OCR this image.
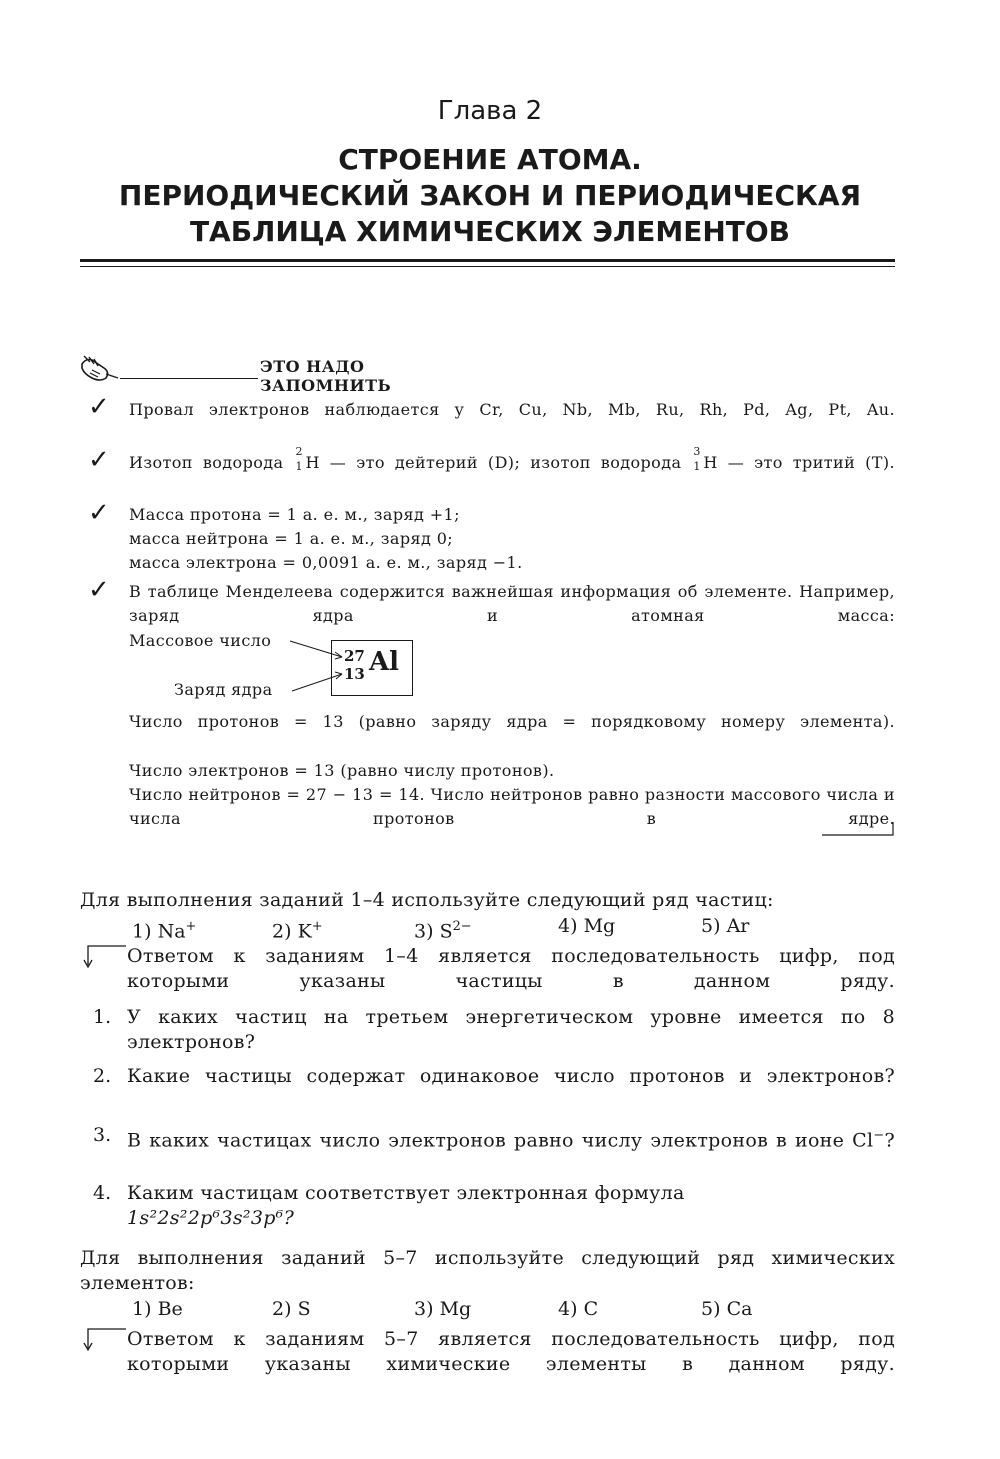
Глава 2
СТРОЕНИЕ АТОМА.
ПЕРИОДИЧЕСКИЙ ЗАКОН И ПЕРИОДИЧЕСКАЯ
ТАБЛИЦА ХИМИЧЕСКИХ ЭЛЕМЕНТОВ
ЭТО НАДО ЗАПОМНИТЬ
✓ Провал электронов наблюдается у Cr, Cu, Nb, Mb, Ru, Rh, Pd, Ag, Pt, Au.
✓ Изотоп водорода
2
1 H — это дейтерий (D); изотоп водорода
3
1 H — это тритий (T).
✓ Масса протона = 1 а. е. м., заряд +1;
масса нейтрона = 1 а. е. м., заряд 0;
масса электрона = 0,0091 а. е. м., заряд −1.
✓ В таблице Менделеева содержится важнейшая информация об элементе. Например, заряд ядра и атомная масса:
Массовое число
Заряд ядра
27
13 Al
Число протонов = 13 (равно заряду ядра = порядковому номеру элемента).
Число электронов = 13 (равно числу протонов).
Число нейтронов = 27 − 13 = 14. Число нейтронов равно разности массового числа и числа протонов в ядре.
Для выполнения заданий 1–4 используйте следующий ряд частиц:
1) Na+	2) K+	3) $S^{2-}$	4) Mg	5) Ar
Ответом к заданиям 1–4 является последовательность цифр, под которыми указаны частицы в данном ряду.
1. У каких частиц на третьем энергетическом уровне имеется по 8 электронов?
2. Какие частицы содержат одинаковое число протонов и электронов?
3. В каких частицах число электронов равно числу электронов в ионе Cl−?
4. Каким частицам соответствует электронная формула
1s²2s²2p⁶3s²3p⁶?
Для выполнения заданий 5–7 используйте следующий ряд химических элементов:
1) Be	2) S	3) Mg	4) C	5) Ca
Ответом к заданиям 5–7 является последовательность цифр, под которыми указаны химические элементы в данном ряду.
